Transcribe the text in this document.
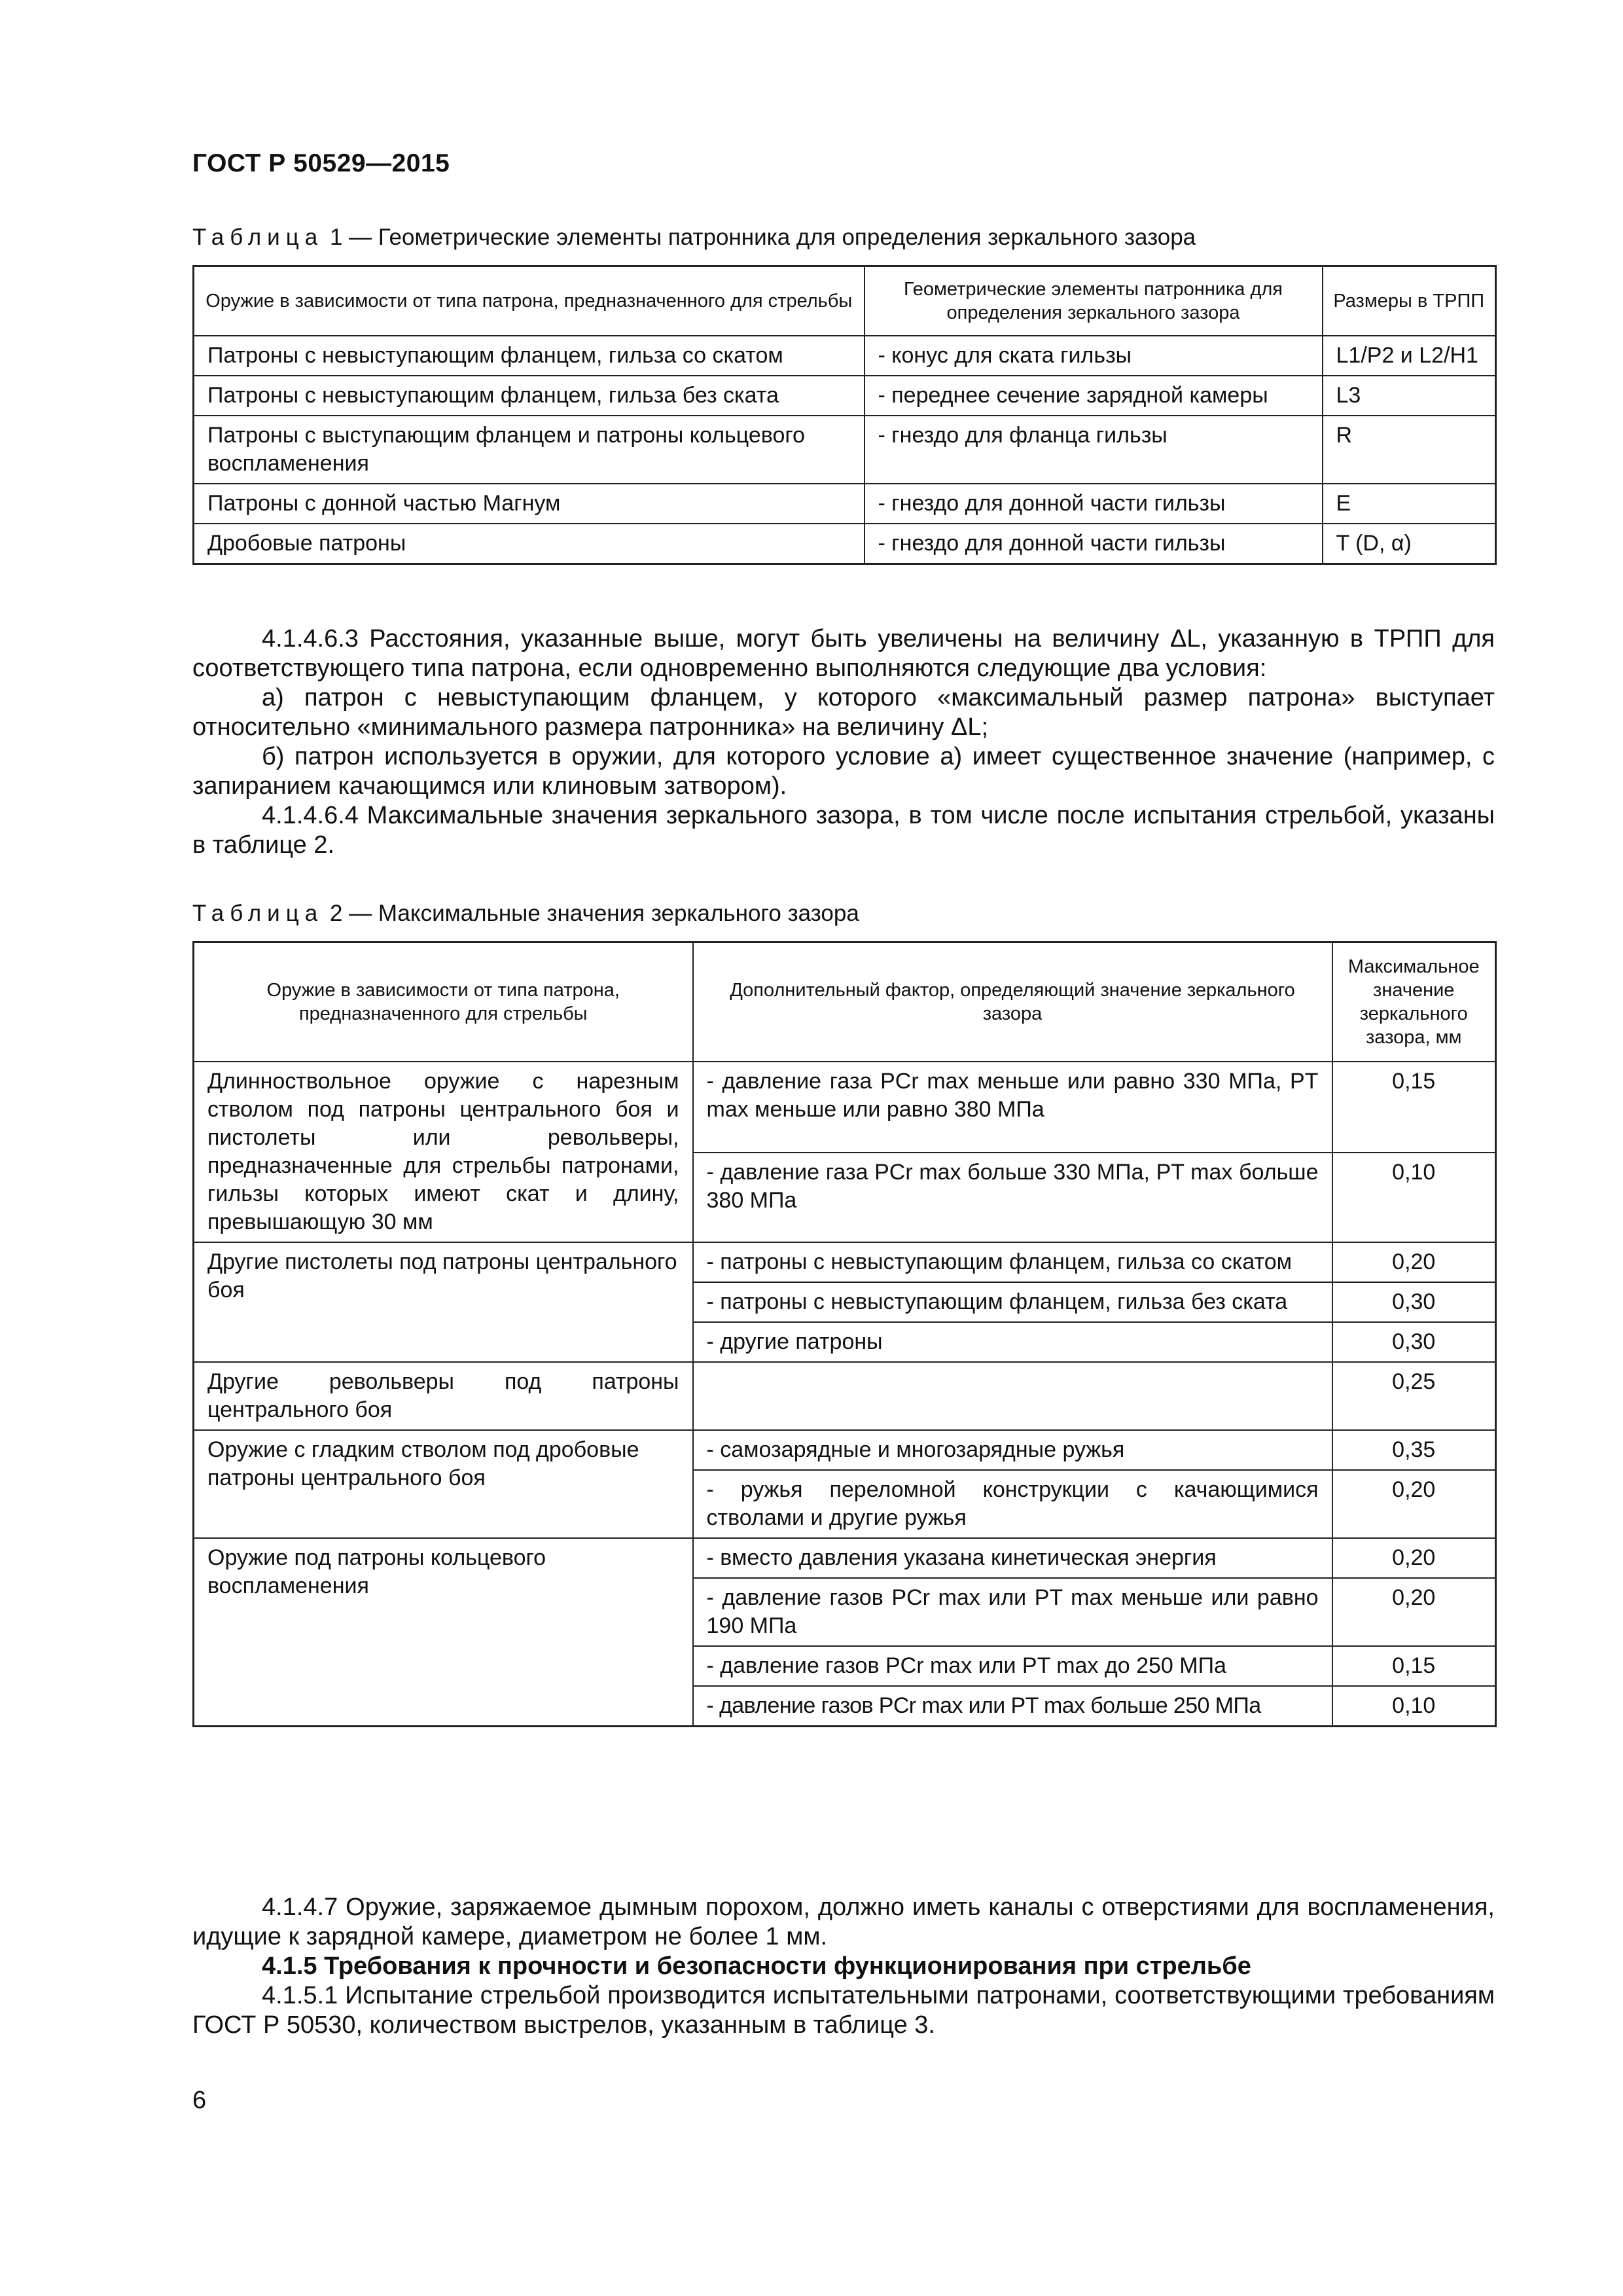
ГОСТ Р 50529—2015
Таблица 1 — Геометрические элементы патронника для определения зеркального зазора
Оружие в зависимости от типа патрона, предназначенного для стрельбы	Геометрические элементы патронника для определения зеркального зазора	Размеры в ТРПП
Патроны с невыступающим фланцем, гильза со скатом	- конус для ската гильзы	L1/P2 и L2/H1
Патроны с невыступающим фланцем, гильза без ската	- переднее сечение зарядной камеры	L3
Патроны с выступающим фланцем и патроны кольцевого воспламенения	- гнездо для фланца гильзы	R
Патроны с донной частью Магнум	- гнездо для донной части гильзы	E
Дробовые патроны	- гнездо для донной части гильзы	T (D, α)

4.1.4.6.3 Расстояния, указанные выше, могут быть увеличены на величину ΔL, указанную в ТРПП для соответствующего типа патрона, если одновременно выполняются следующие два условия:

а) патрон с невыступающим фланцем, у которого «максимальный размер патрона» выступает относительно «минимального размера патронника» на величину ΔL;

б) патрон используется в оружии, для которого условие а) имеет существенное значение (например, с запиранием качающимся или клиновым затвором).

4.1.4.6.4 Максимальные значения зеркального зазора, в том числе после испытания стрельбой, указаны в таблице 2.

Таблица 2 — Максимальные значения зеркального зазора
Оружие в зависимости от типа патрона, предназначенного для стрельбы	Дополнительный фактор, определяющий значение зеркального зазора	Максимальное значение зеркального зазора, мм
Длинноствольное оружие с нарезным стволом под патроны центрального боя и пистолеты или револьверы, предназначенные для стрельбы патронами, гильзы которых имеют скат и длину, превышающую 30 мм	- давление газа PCr max меньше или равно 330 МПа, PT max меньше или равно 380 МПа	0,15
	- давление газа PCr max больше 330 МПа, PT max больше 380 МПа	0,10
Другие пистолеты под патроны центрального боя	- патроны с невыступающим фланцем, гильза со скатом	0,20
	- патроны с невыступающим фланцем, гильза без ската	0,30
	- другие патроны	0,30
Другие револьверы под патроны центрального боя		0,25
Оружие с гладким стволом под дробовые патроны центрального боя	- самозарядные и многозарядные ружья	0,35
	- ружья переломной конструкции с качающимися стволами и другие ружья	0,20
Оружие под патроны кольцевого воспламенения	- вместо давления указана кинетическая энергия	0,20
	- давление газов PCr max или PT max меньше или равно 190 МПа	0,20
	- давление газов PCr max или PT max до 250 МПа	0,15
	- давление газов PCr max или PT max больше 250 МПа	0,10

4.1.4.7 Оружие, заряжаемое дымным порохом, должно иметь каналы с отверстиями для воспламенения, идущие к зарядной камере, диаметром не более 1 мм.

4.1.5 Требования к прочности и безопасности функционирования при стрельбе

4.1.5.1 Испытание стрельбой производится испытательными патронами, соответствующими требованиям ГОСТ Р 50530, количеством выстрелов, указанным в таблице 3.

6
